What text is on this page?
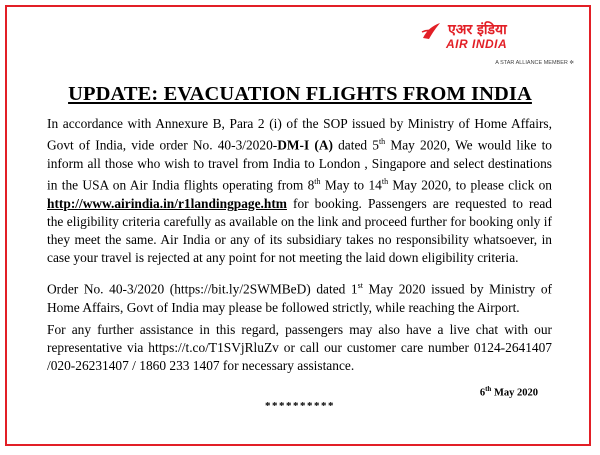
एअर इंडिया
AIR INDIA
A STAR ALLIANCE MEMBER ✲
UPDATE: EVACUATION FLIGHTS FROM INDIA

In accordance with Annexure B, Para 2 (i) of the SOP issued by Ministry of Home Affairs, Govt of India, vide order No. 40-3/2020-DM-I (A) dated 5th May 2020, We would like to inform all those who wish to travel from India to London , Singapore and select destinations in the USA on Air India flights operating from 8th May to 14th May 2020, to please click on http://www.airindia.in/r1landingpage.htm for booking. Passengers are requested to read the eligibility criteria carefully as available on the link and proceed further for booking only if they meet the same. Air India or any of its subsidiary takes no responsibility whatsoever, in case your travel is rejected at any point for not meeting the laid down eligibility criteria.

Order No. 40-3/2020 (https://bit.ly/2SWMBeD) dated 1st May 2020 issued by Ministry of Home Affairs, Govt of India may please be followed strictly, while reaching the Airport.

For any further assistance in this regard, passengers may also have a live chat with our representative via https://t.co/T1SVjRluZv or call our customer care number 0124-2641407 /020-26231407 / 1860 233 1407 for necessary assistance.

6th May 2020
**********
